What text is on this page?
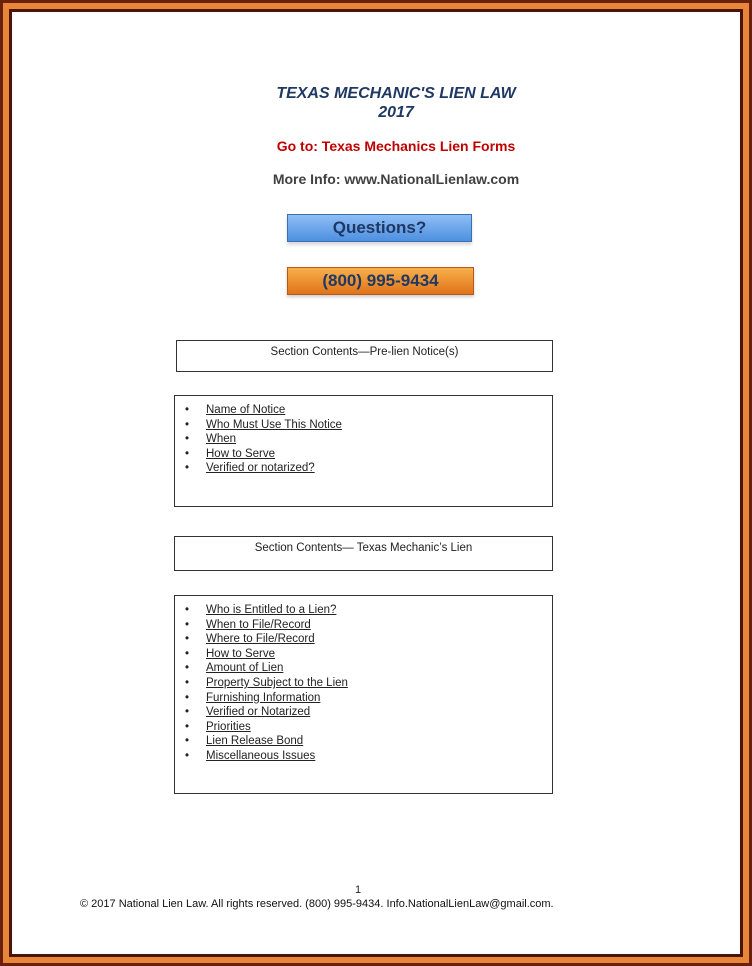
TEXAS MECHANIC'S LIEN LAW
2017
Go to: Texas Mechanics Lien Forms
More Info: www.NationalLienlaw.com
Questions?
(800) 995-9434
Section Contents—Pre-lien Notice(s)
•	Name of Notice
•	Who Must Use This Notice
•	When
•	How to Serve
•	Verified or notarized?
Section Contents— Texas Mechanic’s Lien
•	Who is Entitled to a Lien?
•	When to File/Record
•	Where to File/Record
•	How to Serve
•	Amount of Lien
•	Property Subject to the Lien
•	Furnishing Information
•	Verified or Notarized
•	Priorities
•	Lien Release Bond
•	Miscellaneous Issues
1
© 2017 National Lien Law. All rights reserved. (800) 995-9434. Info.NationalLienLaw@gmail.com.
